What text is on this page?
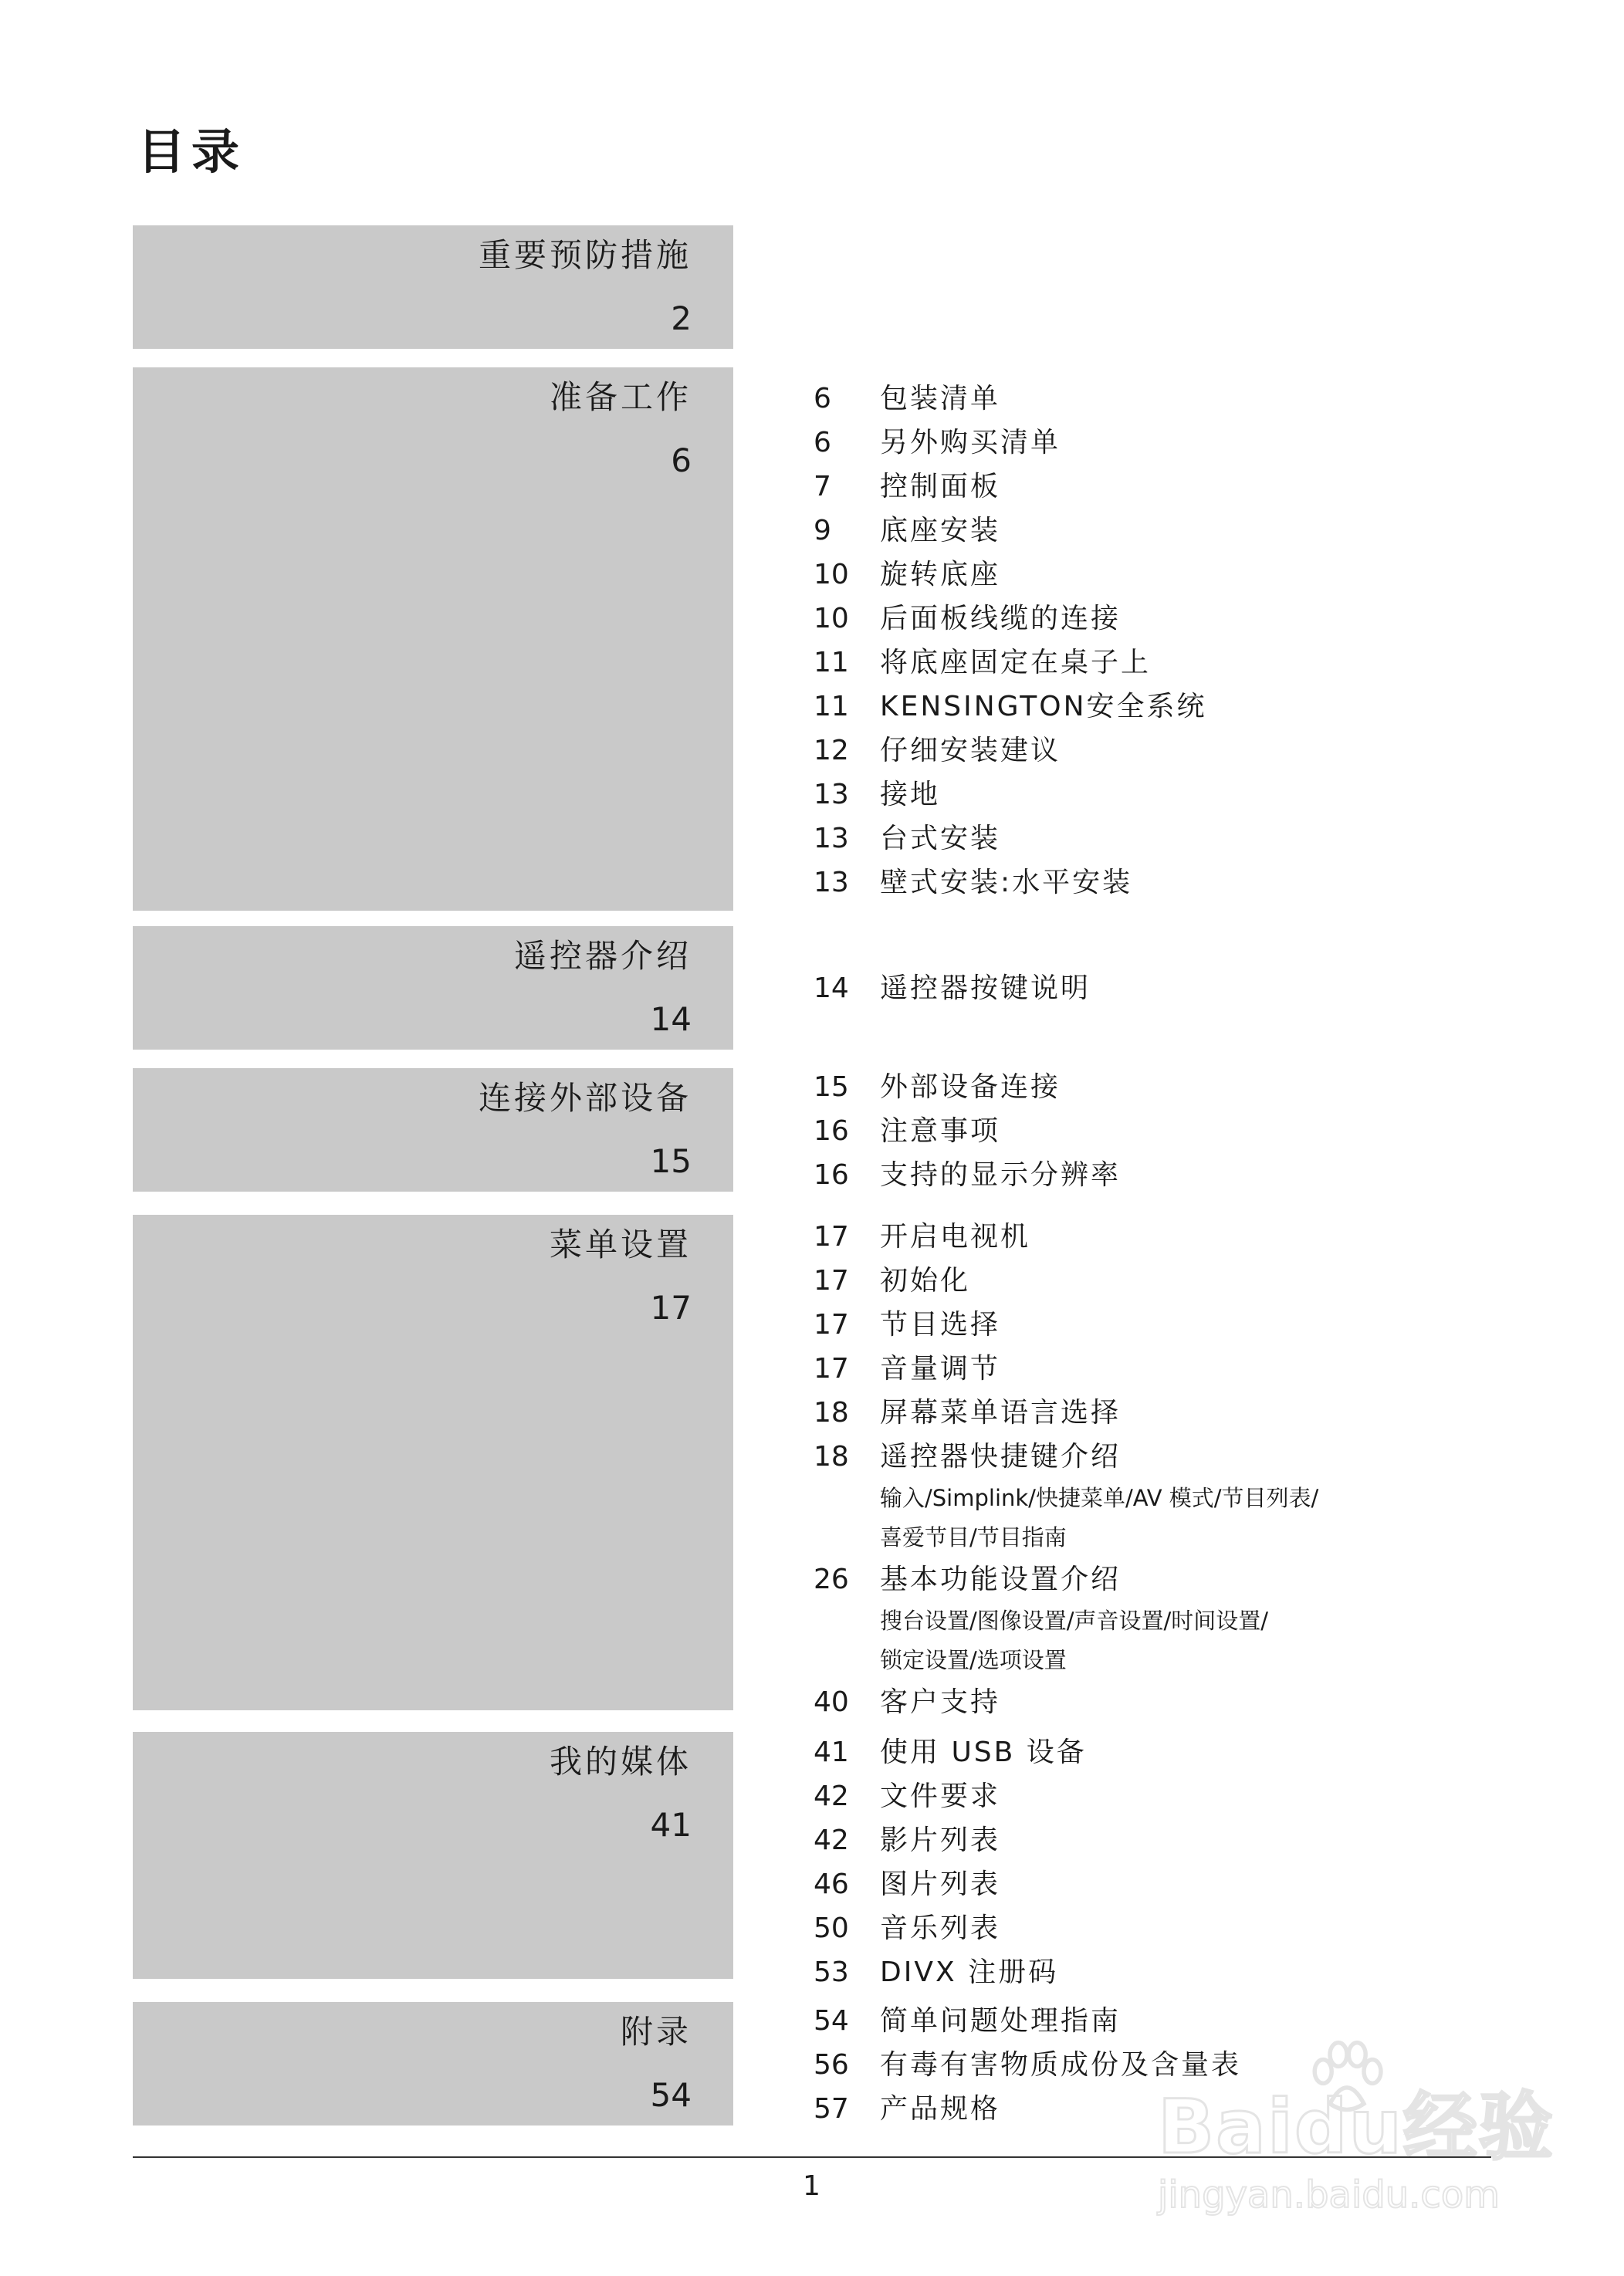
目录
重要预防措施
2
准备工作
6
6	包装清单
6	另外购买清单
7	控制面板
9	底座安装
10	旋转底座
10	后面板线缆的连接
11	将底座固定在桌子上
11	KENSINGTON安全系统
12	仔细安装建议
13	接地
13	台式安装
13	壁式安装:水平安装
遥控器介绍
14
14	遥控器按键说明
连接外部设备
15
15	外部设备连接
16	注意事项
16	支持的显示分辨率
菜单设置
17
17	开启电视机
17	初始化
17	节目选择
17	音量调节
18	屏幕菜单语言选择
18	遥控器快捷键介绍
输入/Simplink/快捷菜单/AV 模式/节目列表/
喜爱节目/节目指南
26	基本功能设置介绍
搜台设置/图像设置/声音设置/时间设置/
锁定设置/选项设置
40	客户支持
我的媒体
41
41	使用 USB 设备
42	文件要求
42	影片列表
46	图片列表
50	音乐列表
53	DIVX 注册码
附录
54
54	简单问题处理指南
56	有毒有害物质成份及含量表
57	产品规格
1
Baidu经验
jingyan.baidu.com
